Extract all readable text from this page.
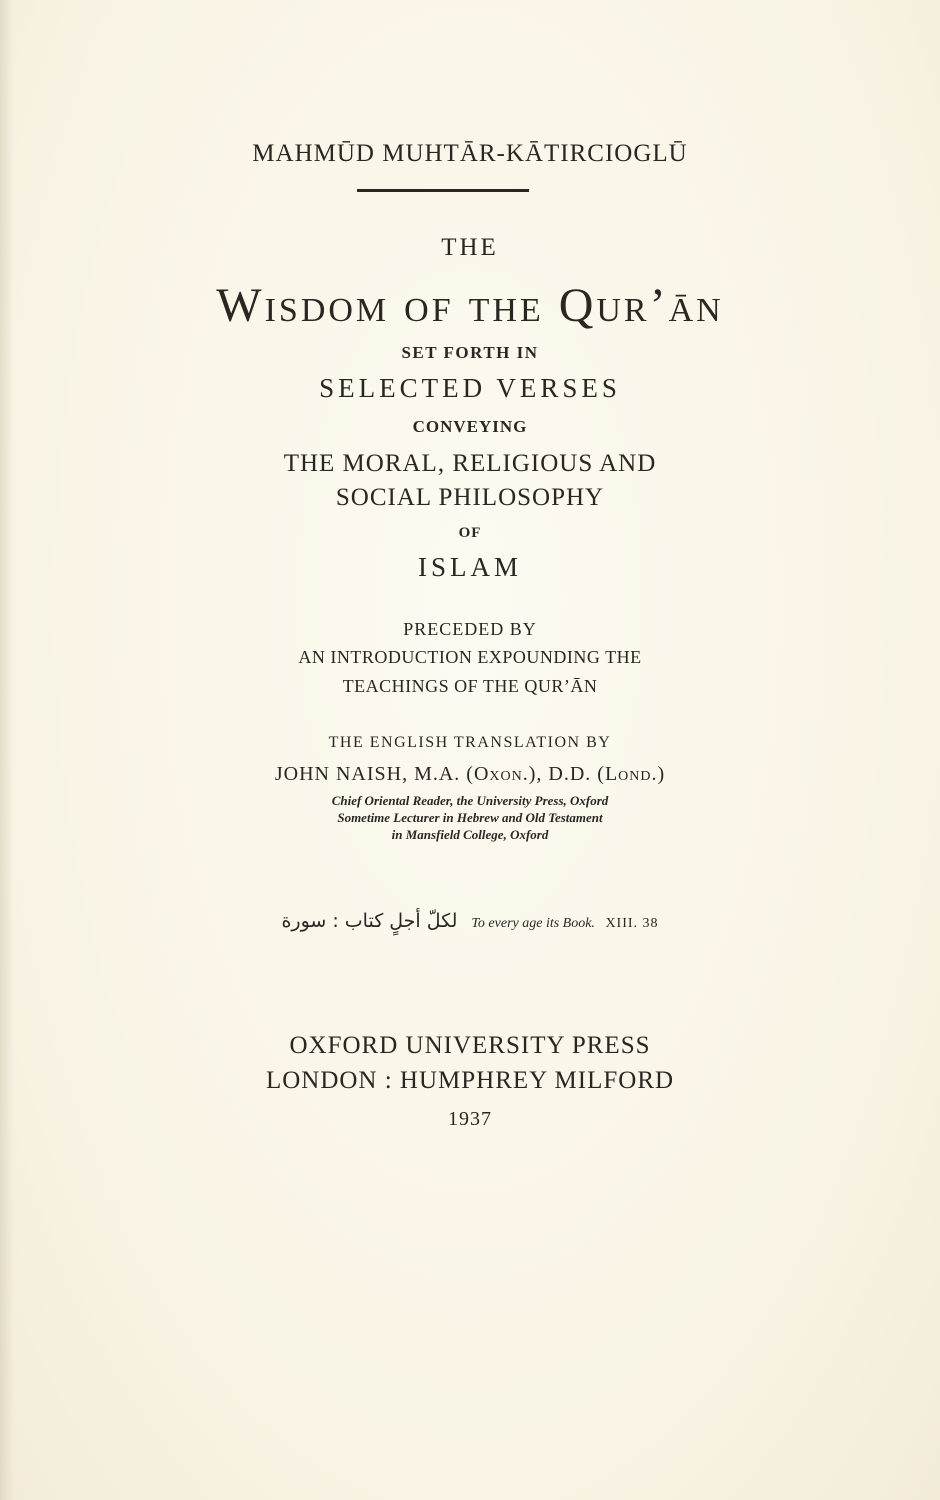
MAHMŪD MUHTĀR-KĀTIRCIOGLŪ
THE
Wisdom of the Qur’ān
SET FORTH IN
SELECTED VERSES
CONVEYING
THE MORAL, RELIGIOUS AND
SOCIAL PHILOSOPHY
OF
ISLAM
PRECEDED BY
AN INTRODUCTION EXPOUNDING THE
TEACHINGS OF THE QUR’ĀN
THE ENGLISH TRANSLATION BY
JOHN NAISH, M.A. (Oxon.), D.D. (Lond.)
Chief Oriental Reader, the University Press, Oxford
Sometime Lecturer in Hebrew and Old Testament
in Mansfield College, Oxford
لكلّ أجلٍ كتاب : سورة To every age its Book. XIII. 38
OXFORD UNIVERSITY PRESS
LONDON : HUMPHREY MILFORD
1937
